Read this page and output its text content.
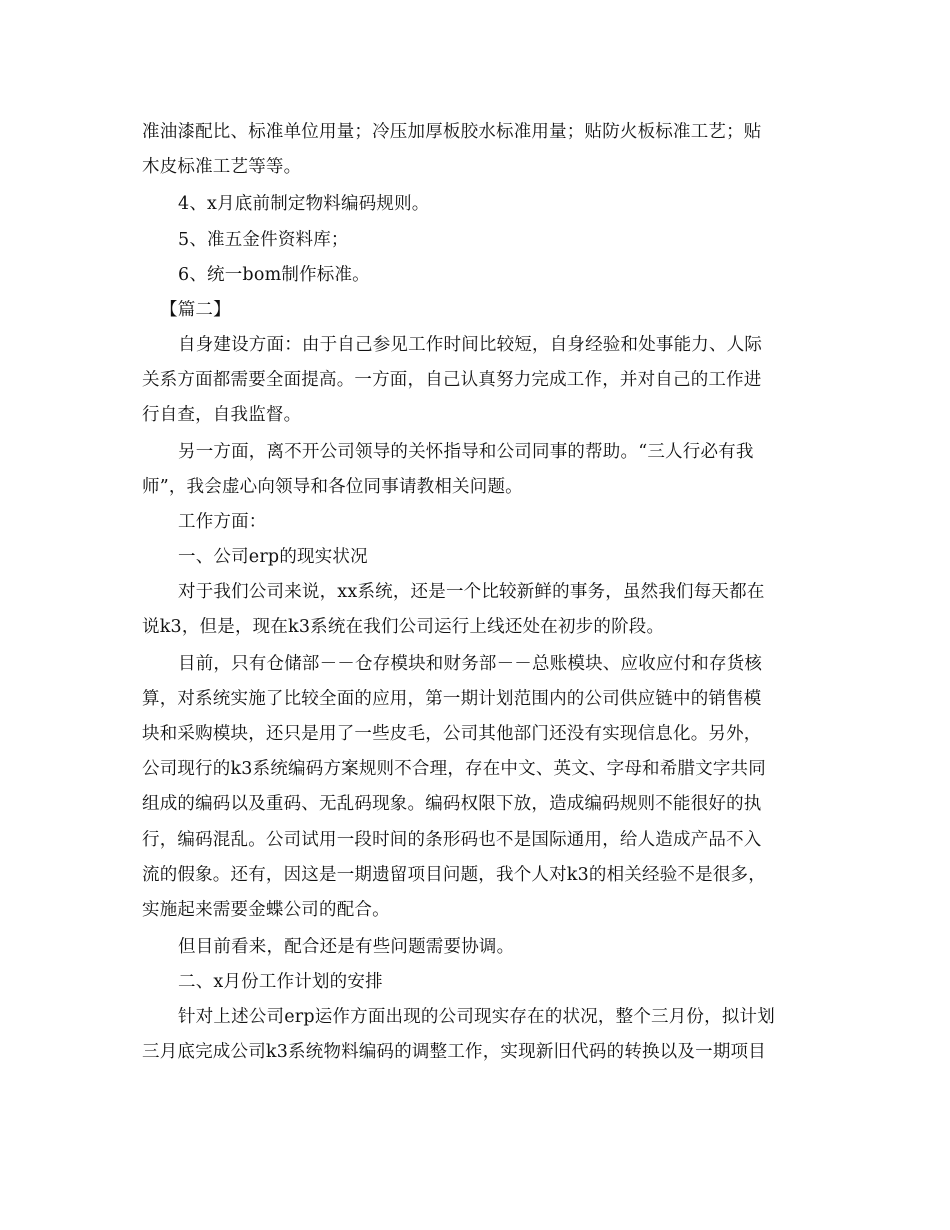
准油漆配比、标准单位用量；冷压加厚板胶水标准用量；贴防火板标准工艺；贴
木皮标准工艺等等。
4、x月底前制定物料编码规则。
5、准五金件资料库；
6、统一bom制作标准。
【篇二】
自身建设方面：由于自己参见工作时间比较短，自身经验和处事能力、人际
关系方面都需要全面提高。一方面，自己认真努力完成工作，并对自己的工作进
行自查，自我监督。
另一方面，离不开公司领导的关怀指导和公司同事的帮助。“三人行必有我
师”，我会虚心向领导和各位同事请教相关问题。
工作方面：
一、公司erp的现实状况
对于我们公司来说，xx系统，还是一个比较新鲜的事务，虽然我们每天都在
说k3，但是，现在k3系统在我们公司运行上线还处在初步的阶段。
目前，只有仓储部－－仓存模块和财务部－－总账模块、应收应付和存货核
算，对系统实施了比较全面的应用，第一期计划范围内的公司供应链中的销售模
块和采购模块，还只是用了一些皮毛，公司其他部门还没有实现信息化。另外，
公司现行的k3系统编码方案规则不合理，存在中文、英文、字母和希腊文字共同
组成的编码以及重码、无乱码现象。编码权限下放，造成编码规则不能很好的执
行，编码混乱。公司试用一段时间的条形码也不是国际通用，给人造成产品不入
流的假象。还有，因这是一期遗留项目问题，我个人对k3的相关经验不是很多，
实施起来需要金蝶公司的配合。
但目前看来，配合还是有些问题需要协调。
二、x月份工作计划的安排
针对上述公司erp运作方面出现的公司现实存在的状况，整个三月份，拟计划
三月底完成公司k3系统物料编码的调整工作，实现新旧代码的转换以及一期项目
